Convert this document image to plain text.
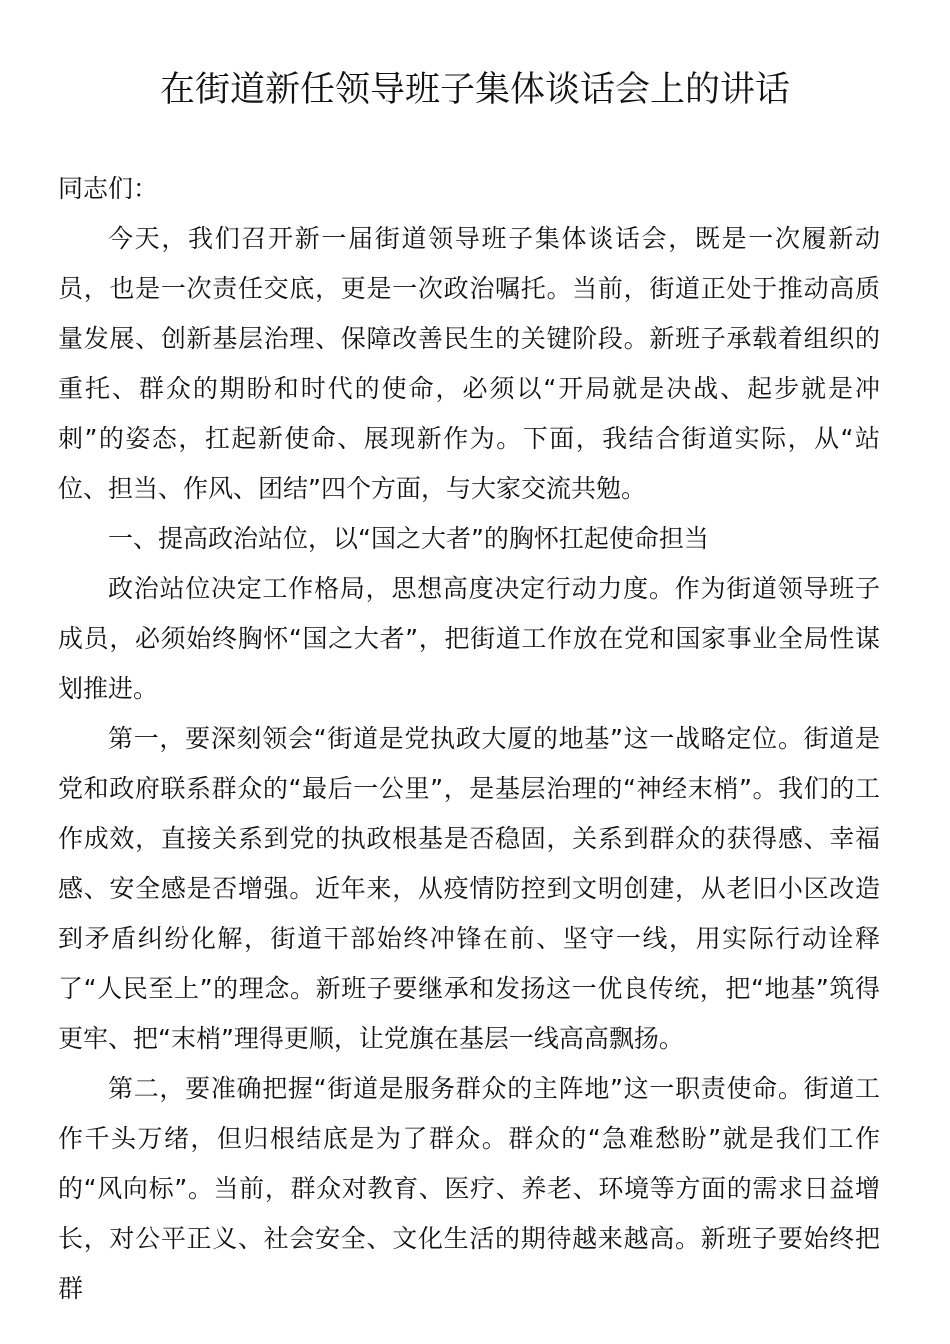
在街道新任领导班子集体谈话会上的讲话

同志们：

今天，我们召开新一届街道领导班子集体谈话会，既是一次履新动员，也是一次责任交底，更是一次政治嘱托。当前，街道正处于推动高质量发展、创新基层治理、保障改善民生的关键阶段。新班子承载着组织的重托、群众的期盼和时代的使命，必须以“开局就是决战、起步就是冲刺”的姿态，扛起新使命、展现新作为。下面，我结合街道实际，从“站位、担当、作风、团结”四个方面，与大家交流共勉。

一、提高政治站位，以“国之大者”的胸怀扛起使命担当

政治站位决定工作格局，思想高度决定行动力度。作为街道领导班子成员，必须始终胸怀“国之大者”，把街道工作放在党和国家事业全局性谋划推进。

第一，要深刻领会“街道是党执政大厦的地基”这一战略定位。街道是党和政府联系群众的“最后一公里”，是基层治理的“神经末梢”。我们的工作成效，直接关系到党的执政根基是否稳固，关系到群众的获得感、幸福感、安全感是否增强。近年来，从疫情防控到文明创建，从老旧小区改造到矛盾纠纷化解，街道干部始终冲锋在前、坚守一线，用实际行动诠释了“人民至上”的理念。新班子要继承和发扬这一优良传统，把“地基”筑得更牢、把“末梢”理得更顺，让党旗在基层一线高高飘扬。

第二，要准确把握“街道是服务群众的主阵地”这一职责使命。街道工作千头万绪，但归根结底是为了群众。群众的“急难愁盼”就是我们工作的“风向标”。当前，群众对教育、医疗、养老、环境等方面的需求日益增长，对公平正义、社会安全、文化生活的期待越来越高。新班子要始终把群
